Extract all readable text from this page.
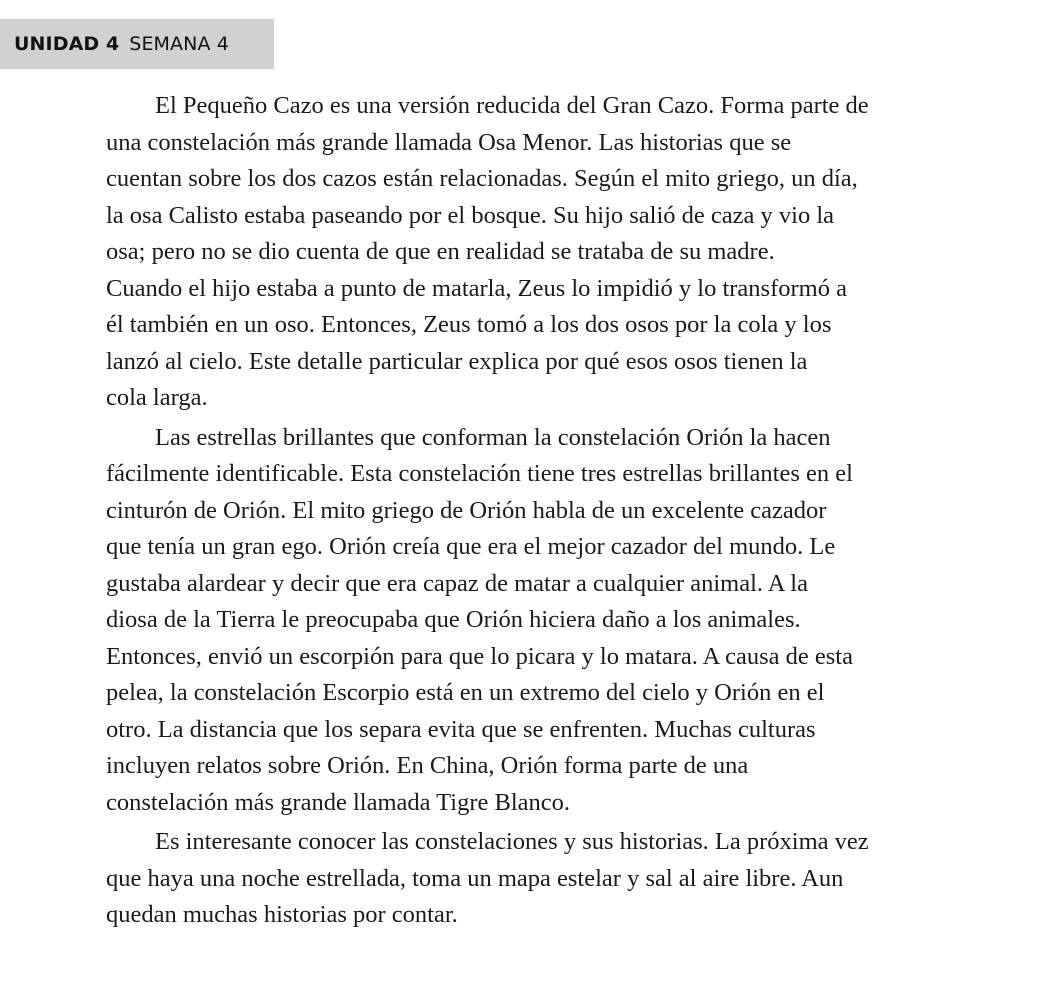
UNIDAD 4 SEMANA 4
El Pequeño Cazo es una versión reducida del Gran Cazo. Forma parte de
una constelación más grande llamada Osa Menor. Las historias que se
cuentan sobre los dos cazos están relacionadas. Según el mito griego, un día,
la osa Calisto estaba paseando por el bosque. Su hijo salió de caza y vio la
osa; pero no se dio cuenta de que en realidad se trataba de su madre.
Cuando el hijo estaba a punto de matarla, Zeus lo impidió y lo transformó a
él también en un oso. Entonces, Zeus tomó a los dos osos por la cola y los
lanzó al cielo. Este detalle particular explica por qué esos osos tienen la
cola larga.
Las estrellas brillantes que conforman la constelación Orión la hacen
fácilmente identificable. Esta constelación tiene tres estrellas brillantes en el
cinturón de Orión. El mito griego de Orión habla de un excelente cazador
que tenía un gran ego. Orión creía que era el mejor cazador del mundo. Le
gustaba alardear y decir que era capaz de matar a cualquier animal. A la
diosa de la Tierra le preocupaba que Orión hiciera daño a los animales.
Entonces, envió un escorpión para que lo picara y lo matara. A causa de esta
pelea, la constelación Escorpio está en un extremo del cielo y Orión en el
otro. La distancia que los separa evita que se enfrenten. Muchas culturas
incluyen relatos sobre Orión. En China, Orión forma parte de una
constelación más grande llamada Tigre Blanco.
Es interesante conocer las constelaciones y sus historias. La próxima vez
que haya una noche estrellada, toma un mapa estelar y sal al aire libre. Aun
quedan muchas historias por contar.
